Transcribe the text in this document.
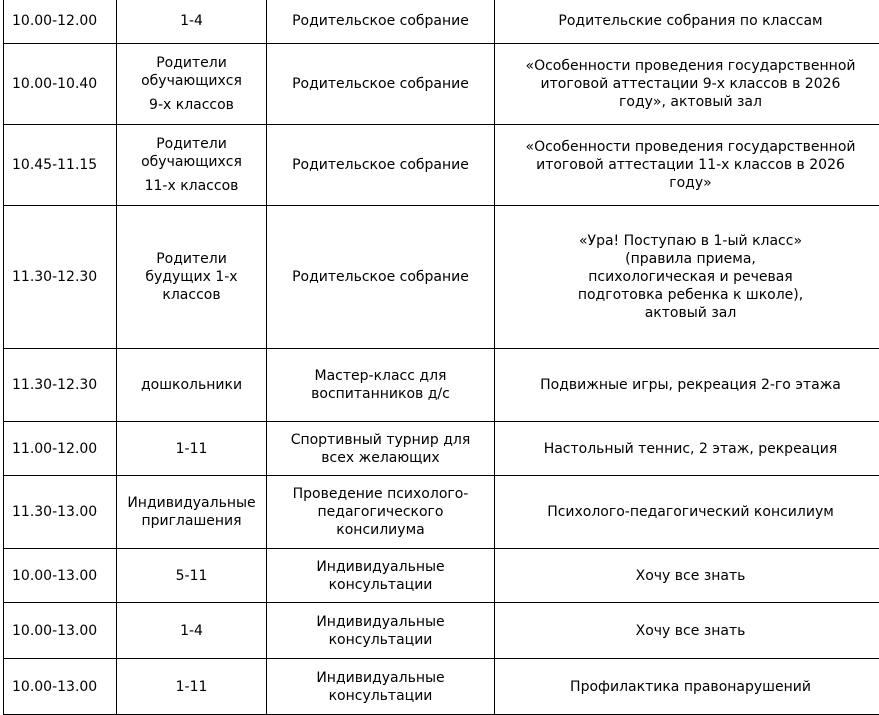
10.00-12.00	1-4	Родительское собрание	Родительские собрания по классам

10.00-10.40	Родители
обучающихся
9-х классов	Родительское собрание	«Особенности проведения государственной
итоговой аттестации 9-х классов в 2026
году», актовый зал

10.45-11.15	Родители
обучающихся
11-х классов	Родительское собрание	«Особенности проведения государственной
итоговой аттестации 11-х классов в 2026
году»

11.30-12.30	Родители
будущих 1-х
классов	Родительское собрание	«Ура! Поступаю в 1-ый класс»
(правила приема,
психологическая и речевая
подготовка ребенка к школе),
актовый зал

11.30-12.30	дошкольники	Мастер-класс для
воспитанников д/с	Подвижные игры, рекреация 2-го этажа

11.00-12.00	1-11	Спортивный турнир для
всех желающих	Настольный теннис, 2 этаж, рекреация

11.30-13.00	Индивидуальные
приглашения	Проведение психолого-
педагогического
консилиума	Психолого-педагогический консилиум

10.00-13.00	5-11	Индивидуальные
консультации	Хочу все знать

10.00-13.00	1-4	Индивидуальные
консультации	Хочу все знать

10.00-13.00	1-11	Индивидуальные
консультации	Профилактика правонарушений
